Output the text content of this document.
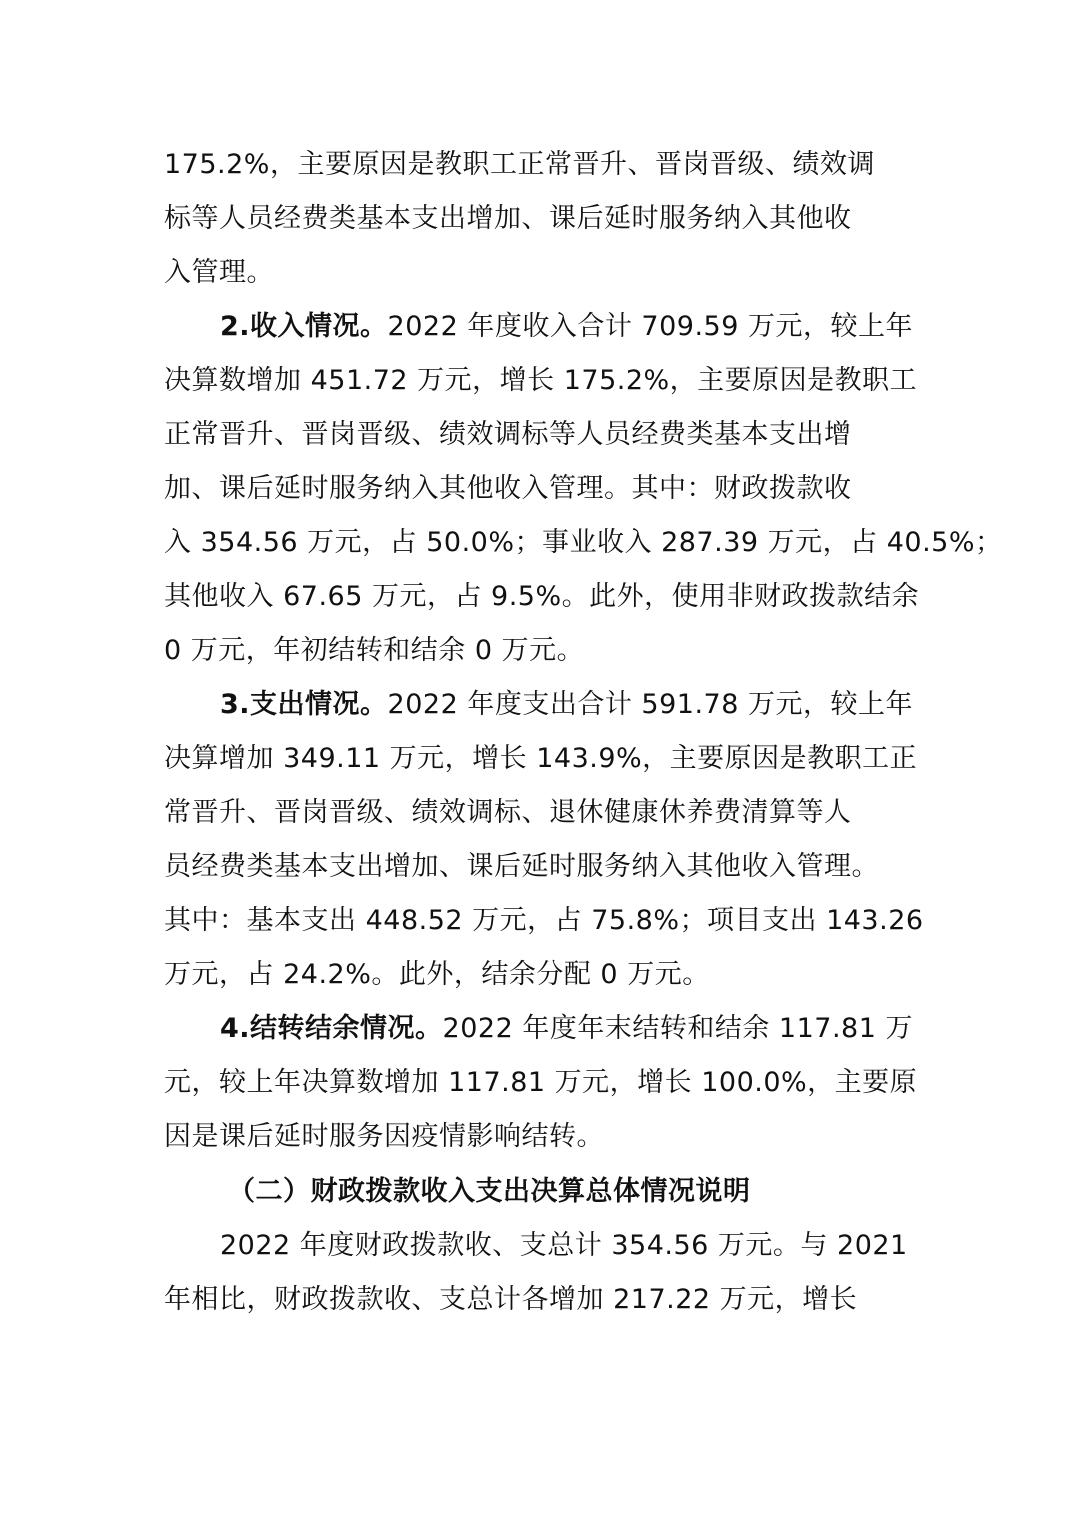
175.2%，主要原因是教职工正常晋升、晋岗晋级、绩效调
标等人员经费类基本支出增加、课后延时服务纳入其他收
入管理。
2.收入情况。2022 年度收入合计 709.59 万元，较上年
决算数增加 451.72 万元，增长 175.2%，主要原因是教职工
正常晋升、晋岗晋级、绩效调标等人员经费类基本支出增
加、课后延时服务纳入其他收入管理。其中：财政拨款收
入 354.56 万元，占 50.0%；事业收入 287.39 万元，占 40.5%；
其他收入 67.65 万元，占 9.5%。此外，使用非财政拨款结余
0 万元，年初结转和结余 0 万元。
3.支出情况。2022 年度支出合计 591.78 万元，较上年
决算增加 349.11 万元，增长 143.9%，主要原因是教职工正
常晋升、晋岗晋级、绩效调标、退休健康休养费清算等人
员经费类基本支出增加、课后延时服务纳入其他收入管理。
其中：基本支出 448.52 万元，占 75.8%；项目支出 143.26
万元，占 24.2%。此外，结余分配 0 万元。
4.结转结余情况。2022 年度年末结转和结余 117.81 万
元，较上年决算数增加 117.81 万元，增长 100.0%，主要原
因是课后延时服务因疫情影响结转。
（二）财政拨款收入支出决算总体情况说明
2022 年度财政拨款收、支总计 354.56 万元。与 2021
年相比，财政拨款收、支总计各增加 217.22 万元，增长
